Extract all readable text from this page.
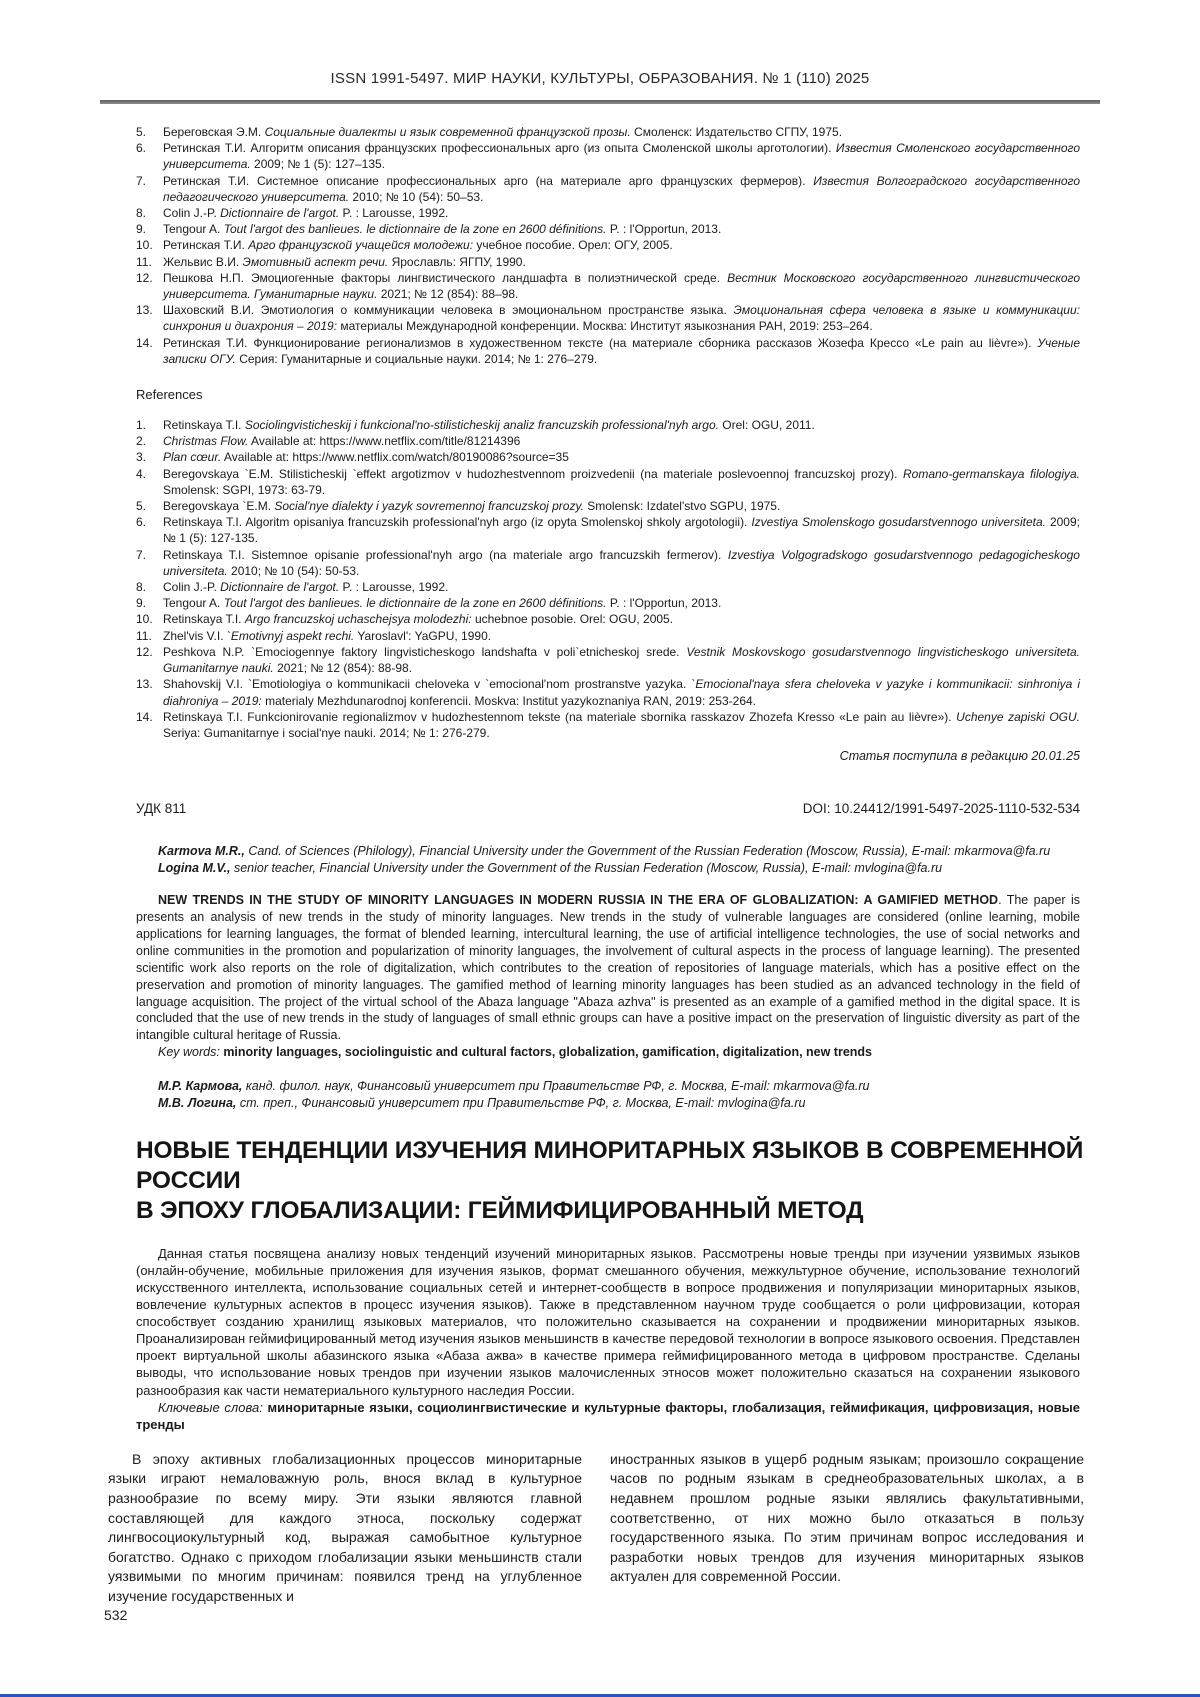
ISSN 1991-5497. МИР НАУКИ, КУЛЬТУРЫ, ОБРАЗОВАНИЯ. № 1 (110) 2025
5.	Береговская Э.М. Социальные диалекты и язык современной французской прозы. Смоленск: Издательство СГПУ, 1975.
6.	Ретинская Т.И. Алгоритм описания французских профессиональных арго (из опыта Смоленской школы арготологии). Известия Смоленского государственного университета. 2009; № 1 (5): 127–135.
7.	Ретинская Т.И. Системное описание профессиональных арго (на материале арго французских фермеров). Известия Волгоградского государственного педагогического университета. 2010; № 10 (54): 50–53.
8.	Colin J.-P. Dictionnaire de l'argot. P. : Larousse, 1992.
9.	Tengour A. Tout l'argot des banlieues. le dictionnaire de la zone en 2600 définitions. P. : l'Opportun, 2013.
10. Ретинская Т.И. Арго французской учащейся молодежи: учебное пособие. Орел: ОГУ, 2005.
11. Жельвис В.И. Эмотивный аспект речи. Ярославль: ЯГПУ, 1990.
12. Пешкова Н.П. Эмоциогенные факторы лингвистического ландшафта в полиэтнической среде. Вестник Московского государственного лингвистического университета. Гуманитарные науки. 2021; № 12 (854): 88–98.
13. Шаховский В.И. Эмотиология о коммуникации человека в эмоциональном пространстве языка. Эмоциональная сфера человека в языке и коммуникации: синхрония и диахрония – 2019: материалы Международной конференции. Москва: Институт языкознания РАН, 2019: 253–264.
14. Ретинская Т.И. Функционирование регионализмов в художественном тексте (на материале сборника рассказов Жозефа Крессо «Le pain au lièvre»). Ученые записки ОГУ. Серия: Гуманитарные и социальные науки. 2014; № 1: 276–279.
References
1.	Retinskaya T.I. Sociolingvisticheskij i funkcional'no-stilisticheskij analiz francuzskih professional'nyh argo. Orel: OGU, 2011.
2.	Christmas Flow. Available at: https://www.netflix.com/title/81214396
3.	Plan cœur. Available at: https://www.netflix.com/watch/80190086?source=35
4.	Beregovskaya `E.M. Stilisticheskij `effekt argotizmov v hudozhestvennom proizvedenii (na materiale poslevoennoj francuzskoj prozy). Romano-germanskaya filologiya. Smolensk: SGPI, 1973: 63-79.
5.	Beregovskaya `E.M. Social'nye dialekty i yazyk sovremennoj francuzskoj prozy. Smolensk: Izdatel'stvo SGPU, 1975.
6.	Retinskaya T.I. Algoritm opisaniya francuzskih professional'nyh argo (iz opyta Smolenskoj shkoly argotologii). Izvestiya Smolenskogo gosudarstvennogo universiteta. 2009; № 1 (5): 127-135.
7.	Retinskaya T.I. Sistemnoe opisanie professional'nyh argo (na materiale argo francuzskih fermerov). Izvestiya Volgogradskogo gosudarstvennogo pedagogicheskogo universiteta. 2010; № 10 (54): 50-53.
8.	Colin J.-P. Dictionnaire de l'argot. P. : Larousse, 1992.
9.	Tengour A. Tout l'argot des banlieues. le dictionnaire de la zone en 2600 définitions. P. : l'Opportun, 2013.
10. Retinskaya T.I. Argo francuzskoj uchaschejsya molodezhi: uchebnoe posobie. Orel: OGU, 2005.
11. Zhel'vis V.I. `Emotivnyj aspekt rechi. Yaroslavl': YaGPU, 1990.
12. Peshkova N.P. `Emociogennye faktory lingvisticheskogo landshafta v poli`etnicheskoj srede. Vestnik Moskovskogo gosudarstvennogo lingvisticheskogo universiteta. Gumanitarnye nauki. 2021; № 12 (854): 88-98.
13. Shahovskij V.I. `Emotiologiya o kommunikacii cheloveka v `emocional'nom prostranstve yazyka. `Emocional'naya sfera cheloveka v yazyke i kommunikacii: sinhroniya i diahroniya – 2019: materialy Mezhdunarodnoj konferencii. Moskva: Institut yazykoznaniya RAN, 2019: 253-264.
14. Retinskaya T.I. Funkcionirovanie regionalizmov v hudozhestennom tekste (na materiale sbornika rasskazov Zhozefa Kresso «Le pain au lièvre»). Uchenye zapiski OGU. Seriya: Gumanitarnye i social'nye nauki. 2014; № 1: 276-279.
Статья поступила в редакцию 20.01.25
УДК 811	DOI: 10.24412/1991-5497-2025-1110-532-534
Karmova M.R., Cand. of Sciences (Philology), Financial University under the Government of the Russian Federation (Moscow, Russia), E-mail: mkarmova@fa.ru
Logina M.V., senior teacher, Financial University under the Government of the Russian Federation (Moscow, Russia), E-mail: mvlogina@fa.ru

NEW TRENDS IN THE STUDY OF MINORITY LANGUAGES IN MODERN RUSSIA IN THE ERA OF GLOBALIZATION: A GAMIFIED METHOD. The paper is presents an analysis of new trends in the study of minority languages. New trends in the study of vulnerable languages are considered (online learning, mobile applications for learning languages, the format of blended learning, intercultural learning, the use of artificial intelligence technologies, the use of social networks and online communities in the promotion and popularization of minority languages, the involvement of cultural aspects in the process of language learning). The presented scientific work also reports on the role of digitalization, which contributes to the creation of repositories of language materials, which has a positive effect on the preservation and promotion of minority languages. The gamified method of learning minority languages has been studied as an advanced technology in the field of language acquisition. The project of the virtual school of the Abaza language "Abaza azhva" is presented as an example of a gamified method in the digital space. It is concluded that the use of new trends in the study of languages of small ethnic groups can have a positive impact on the preservation of linguistic diversity as part of the intangible cultural heritage of Russia.

Key words: minority languages, sociolinguistic and cultural factors, globalization, gamification, digitalization, new trends

М.Р. Кармова, канд. филол. наук, Финансовый университет при Правительстве РФ, г. Москва, E-mail: mkarmova@fa.ru
М.В. Логина, ст. преп., Финансовый университет при Правительстве РФ, г. Москва, E-mail: mvlogina@fa.ru
НОВЫЕ ТЕНДЕНЦИИ ИЗУЧЕНИЯ МИНОРИТАРНЫХ ЯЗЫКОВ В СОВРЕМЕННОЙ РОССИИ
В ЭПОХУ ГЛОБАЛИЗАЦИИ: ГЕЙМИФИЦИРОВАННЫЙ МЕТОД

Данная статья посвящена анализу новых тенденций изучений миноритарных языков. Рассмотрены новые тренды при изучении уязвимых языков (онлайн-обучение, мобильные приложения для изучения языков, формат смешанного обучения, межкультурное обучение, использование технологий искусственного интеллекта, использование социальных сетей и интернет-сообществ в вопросе продвижения и популяризации миноритарных языков, вовлечение культурных аспектов в процесс изучения языков). Также в представленном научном труде сообщается о роли цифровизации, которая способствует созданию хранилищ языковых материалов, что положительно сказывается на сохранении и продвижении миноритарных языков. Проанализирован геймифицированный метод изучения языков меньшинств в качестве передовой технологии в вопросе языкового освоения. Представлен проект виртуальной школы абазинского языка «Абаза ажва» в качестве примера геймифицированного метода в цифровом пространстве. Сделаны выводы, что использование новых трендов при изучении языков малочисленных этносов может положительно сказаться на сохранении языкового разнообразия как части нематериального культурного наследия России.

Ключевые слова: миноритарные языки, социолингвистические и культурные факторы, глобализация, геймификация, цифровизация, новые тренды

В эпоху активных глобализационных процессов миноритарные языки играют немаловажную роль, внося вклад в культурное разнообразие по всему миру. Эти языки являются главной составляющей для каждого этноса, поскольку содержат лингвосоциокультурный код, выражая самобытное культурное богатство. Однако с приходом глобализации языки меньшинств стали уязвимыми по многим причинам: появился тренд на углубленное изучение государственных и

иностранных языков в ущерб родным языкам; произошло сокращение часов по родным языкам в среднеобразовательных школах, а в недавнем прошлом родные языки являлись факультативными, соответственно, от них можно было отказаться в пользу государственного языка. По этим причинам вопрос исследования и разработки новых трендов для изучения миноритарных языков актуален для современной России.

532
